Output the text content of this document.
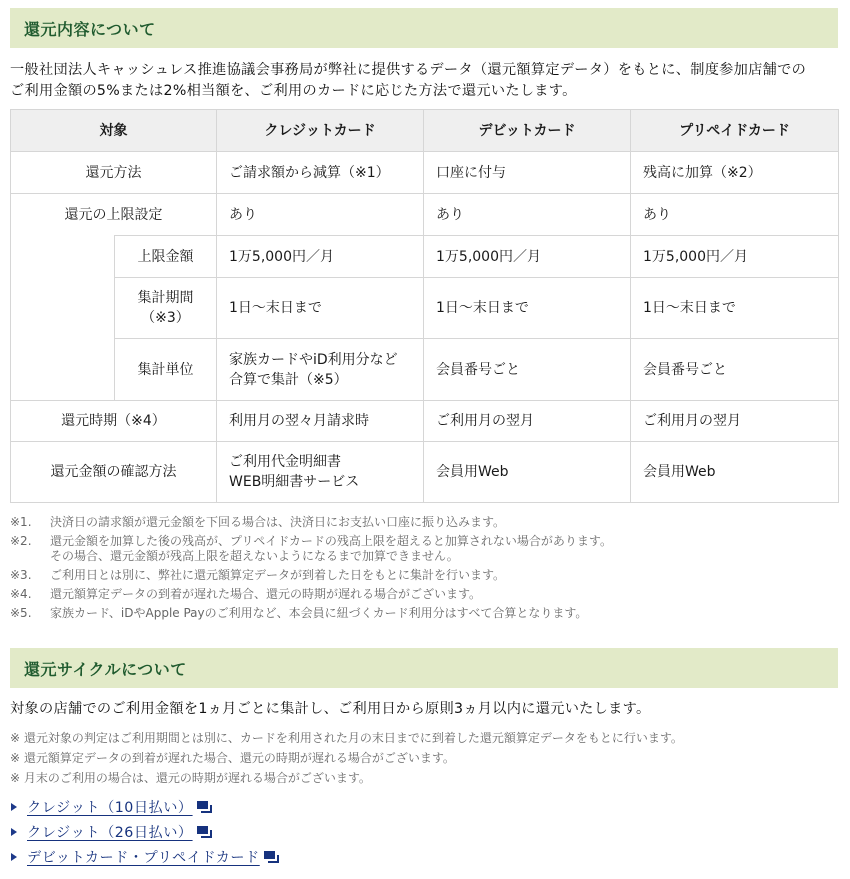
還元内容について
一般社団法人キャッシュレス推進協議会事務局が弊社に提供するデータ（還元額算定データ）をもとに、制度参加店舗での
ご利用金額の5%または2%相当額を、ご利用のカードに応じた方法で還元いたします。
対象		クレジットカード	デビットカード	プリペイドカード
還元方法		ご請求額から減算（※1）	口座に付与	残高に加算（※2）
還元の上限設定		あり	あり	あり
	上限金額	1万5,000円／月	1万5,000円／月	1万5,000円／月

	集計期間
（※3）	1日〜末日まで	1日〜末日まで	1日〜末日まで
	集計単位	家族カードやiD利用分など
合算で集計（※5）	会員番号ごと	会員番号ごと
還元時期（※4）		利用月の翌々月請求時	ご利用月の翌月	ご利用月の翌月
還元金額の確認方法		ご利用代金明細書
WEB明細書サービス	会員用Web	会員用Web
※1.	決済日の請求額が還元金額を下回る場合は、決済日にお支払い口座に振り込みます。
※2.	還元金額を加算した後の残高が、プリペイドカードの残高上限を超えると加算されない場合があります。
その場合、還元金額が残高上限を超えないようになるまで加算できません。
※3.	ご利用日とは別に、弊社に還元額算定データが到着した日をもとに集計を行います。
※4.	還元額算定データの到着が遅れた場合、還元の時期が遅れる場合がございます。
※5.	家族カード、iDやApple Payのご利用など、本会員に紐づくカード利用分はすべて合算となります。
還元サイクルについて
対象の店舗でのご利用金額を1ヵ月ごとに集計し、ご利用日から原則3ヵ月以内に還元いたします。
※ 還元対象の判定はご利用期間とは別に、カードを利用された月の末日までに到着した還元額算定データをもとに行います。
※ 還元額算定データの到着が遅れた場合、還元の時期が遅れる場合がございます。
※ 月末のご利用の場合は、還元の時期が遅れる場合がございます。
クレジット（10日払い）
クレジット（26日払い）
デビットカード・プリペイドカード
